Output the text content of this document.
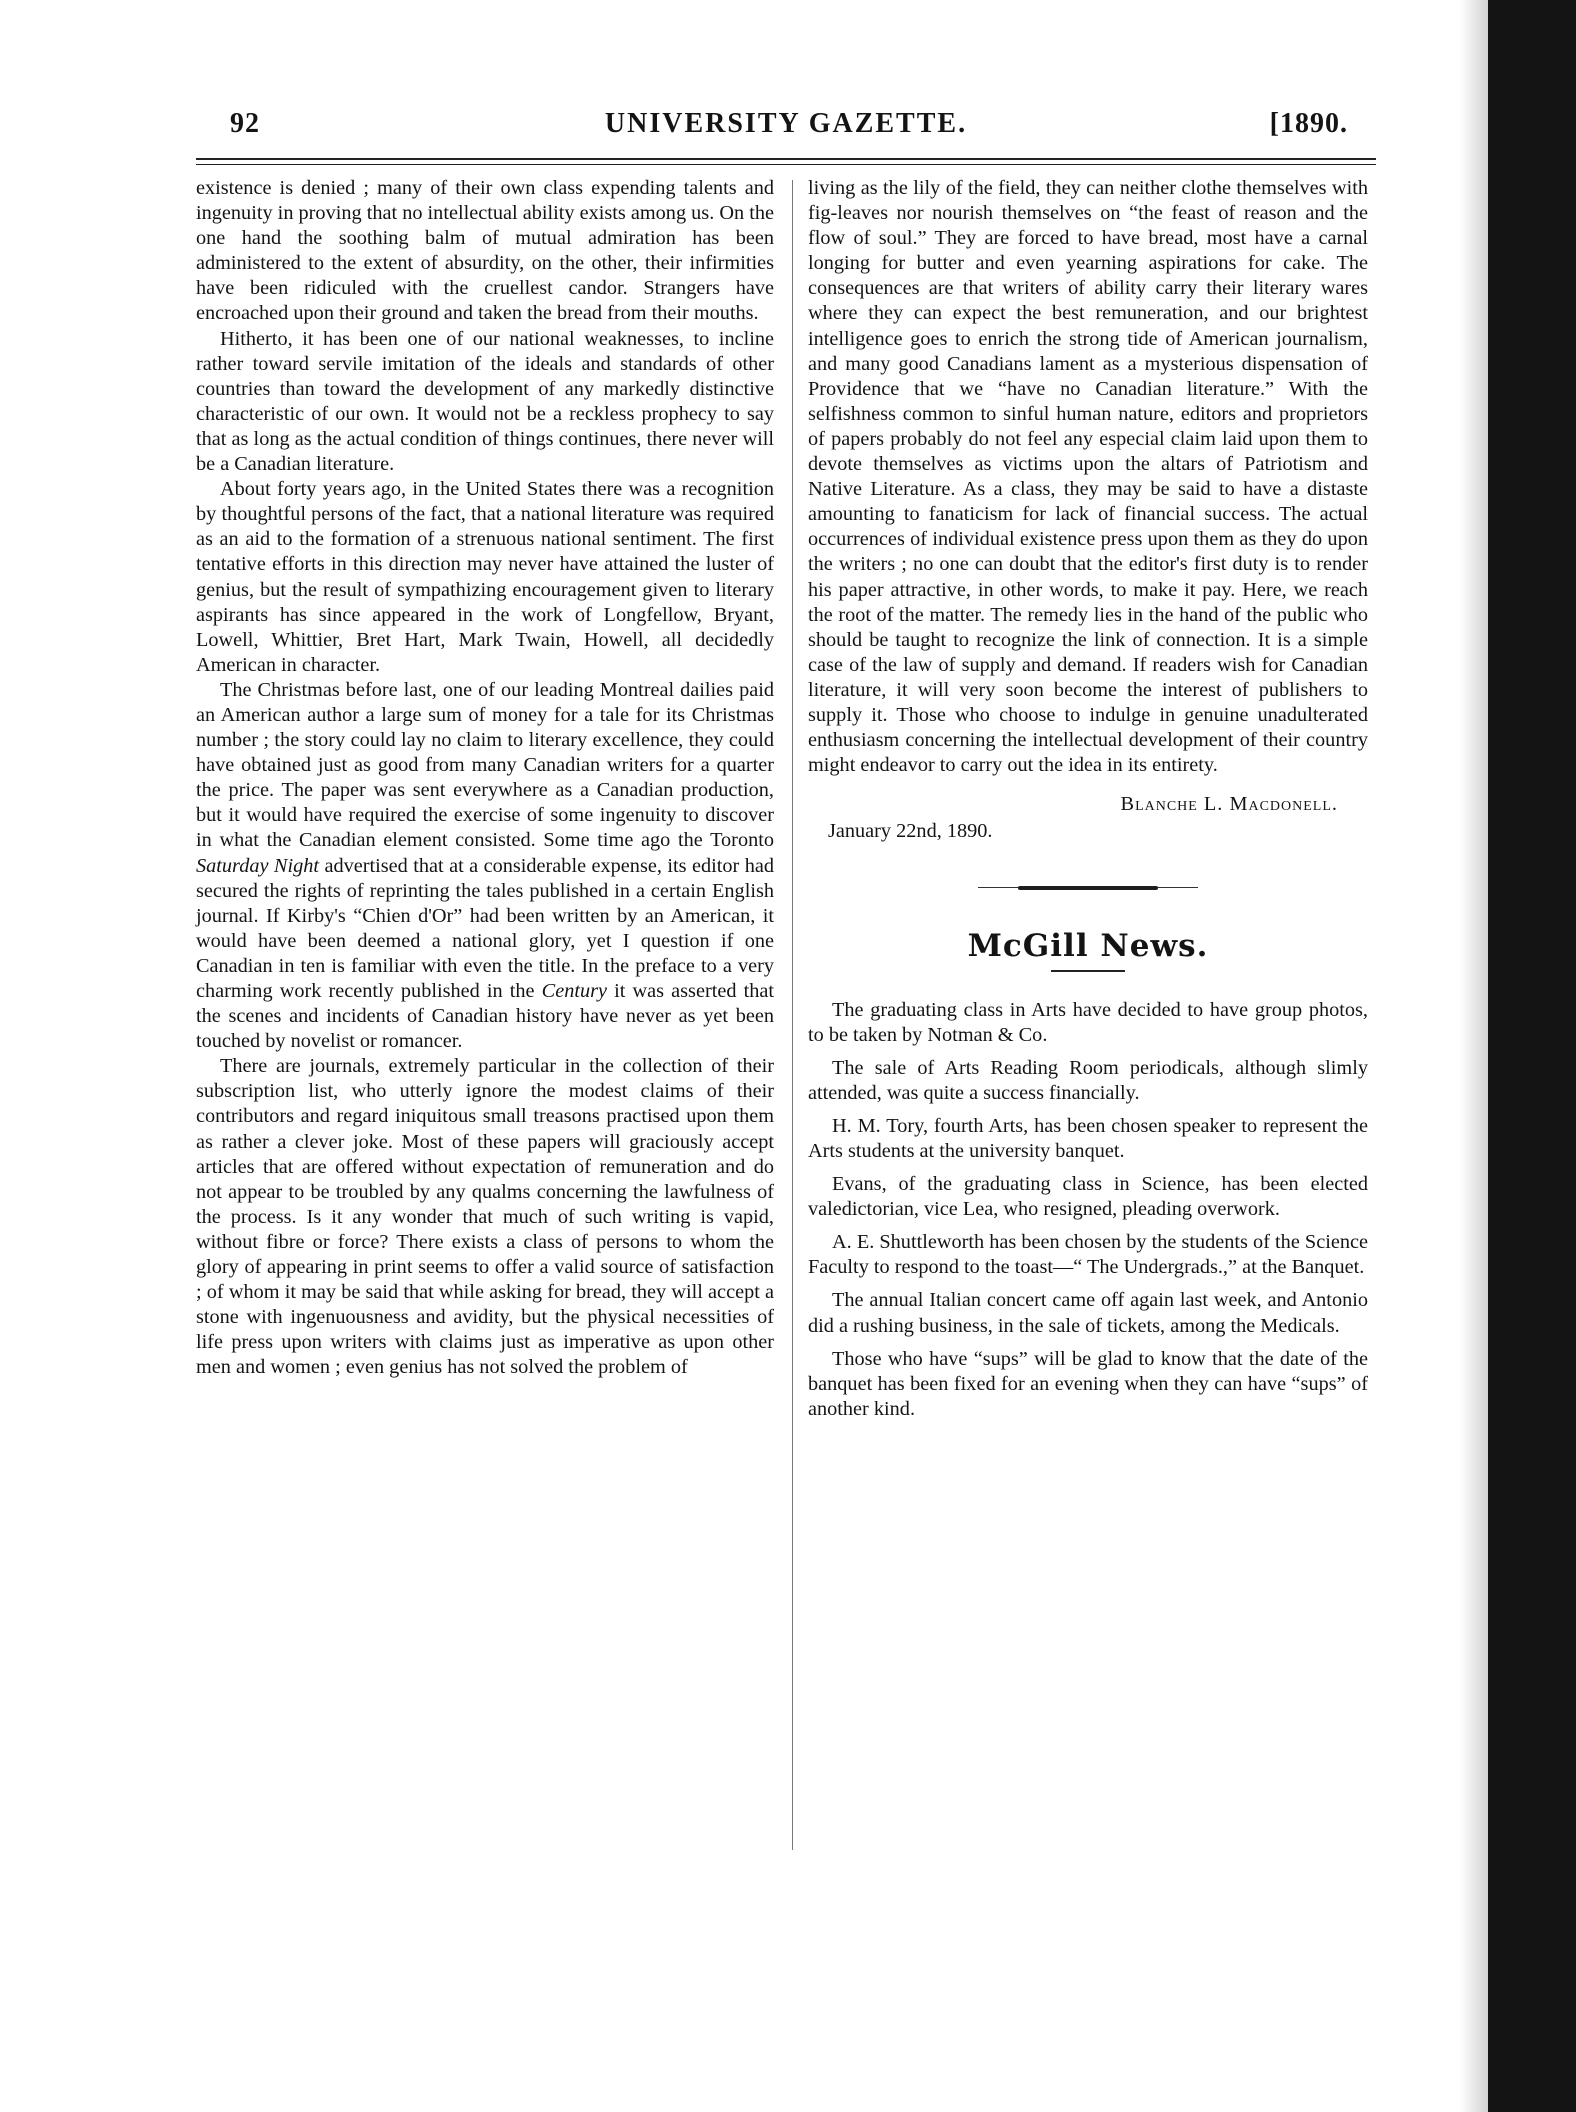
92	UNIVERSITY GAZETTE.	[1890.

existence is denied ; many of their own class expending talents and ingenuity in proving that no intellectual ability exists among us. On the one hand the soothing balm of mutual admiration has been administered to the extent of absurdity, on the other, their infirmities have been ridiculed with the cruellest candor. Strangers have encroached upon their ground and taken the bread from their mouths.

Hitherto, it has been one of our national weaknesses, to incline rather toward servile imitation of the ideals and standards of other countries than toward the development of any markedly distinctive characteristic of our own. It would not be a reckless prophecy to say that as long as the actual condition of things continues, there never will be a Canadian literature.

About forty years ago, in the United States there was a recognition by thoughtful persons of the fact, that a national literature was required as an aid to the formation of a strenuous national sentiment. The first tentative efforts in this direction may never have attained the luster of genius, but the result of sympathizing encouragement given to literary aspirants has since appeared in the work of Longfellow, Bryant, Lowell, Whittier, Bret Hart, Mark Twain, Howell, all decidedly American in character.

The Christmas before last, one of our leading Montreal dailies paid an American author a large sum of money for a tale for its Christmas number ; the story could lay no claim to literary excellence, they could have obtained just as good from many Canadian writers for a quarter the price. The paper was sent everywhere as a Canadian production, but it would have required the exercise of some ingenuity to discover in what the Canadian element consisted. Some time ago the Toronto Saturday Night advertised that at a considerable expense, its editor had secured the rights of reprinting the tales published in a certain English journal. If Kirby's “Chien d'Or” had been written by an American, it would have been deemed a national glory, yet I question if one Canadian in ten is familiar with even the title. In the preface to a very charming work recently published in the Century it was asserted that the scenes and incidents of Canadian history have never as yet been touched by novelist or romancer.

There are journals, extremely particular in the collection of their subscription list, who utterly ignore the modest claims of their contributors and regard iniquitous small treasons practised upon them as rather a clever joke. Most of these papers will graciously accept articles that are offered without expectation of remuneration and do not appear to be troubled by any qualms concerning the lawfulness of the process. Is it any wonder that much of such writing is vapid, without fibre or force? There exists a class of persons to whom the glory of appearing in print seems to offer a valid source of satisfaction ; of whom it may be said that while asking for bread, they will accept a stone with ingenuousness and avidity, but the physical necessities of life press upon writers with claims just as imperative as upon other men and women ; even genius has not solved the problem of

living as the lily of the field, they can neither clothe themselves with fig-leaves nor nourish themselves on “the feast of reason and the flow of soul.” They are forced to have bread, most have a carnal longing for butter and even yearning aspirations for cake. The consequences are that writers of ability carry their literary wares where they can expect the best remuneration, and our brightest intelligence goes to enrich the strong tide of American journalism, and many good Canadians lament as a mysterious dispensation of Providence that we “have no Canadian literature.” With the selfishness common to sinful human nature, editors and proprietors of papers probably do not feel any especial claim laid upon them to devote themselves as victims upon the altars of Patriotism and Native Literature. As a class, they may be said to have a distaste amounting to fanaticism for lack of financial success. The actual occurrences of individual existence press upon them as they do upon the writers ; no one can doubt that the editor's first duty is to render his paper attractive, in other words, to make it pay. Here, we reach the root of the matter. The remedy lies in the hand of the public who should be taught to recognize the link of connection. It is a simple case of the law of supply and demand. If readers wish for Canadian literature, it will very soon become the interest of publishers to supply it. Those who choose to indulge in genuine unadulterated enthusiasm concerning the intellectual development of their country might endeavor to carry out the idea in its entirety.

Blanche L. Macdonell.
January 22nd, 1890.
McGill News.

The graduating class in Arts have decided to have group photos, to be taken by Notman & Co.

The sale of Arts Reading Room periodicals, although slimly attended, was quite a success financially.

H. M. Tory, fourth Arts, has been chosen speaker to represent the Arts students at the university banquet.

Evans, of the graduating class in Science, has been elected valedictorian, vice Lea, who resigned, pleading overwork.

A. E. Shuttleworth has been chosen by the students of the Science Faculty to respond to the toast—“ The Undergrads.,” at the Banquet.

The annual Italian concert came off again last week, and Antonio did a rushing business, in the sale of tickets, among the Medicals.

Those who have “sups” will be glad to know that the date of the banquet has been fixed for an evening when they can have “sups” of another kind.
